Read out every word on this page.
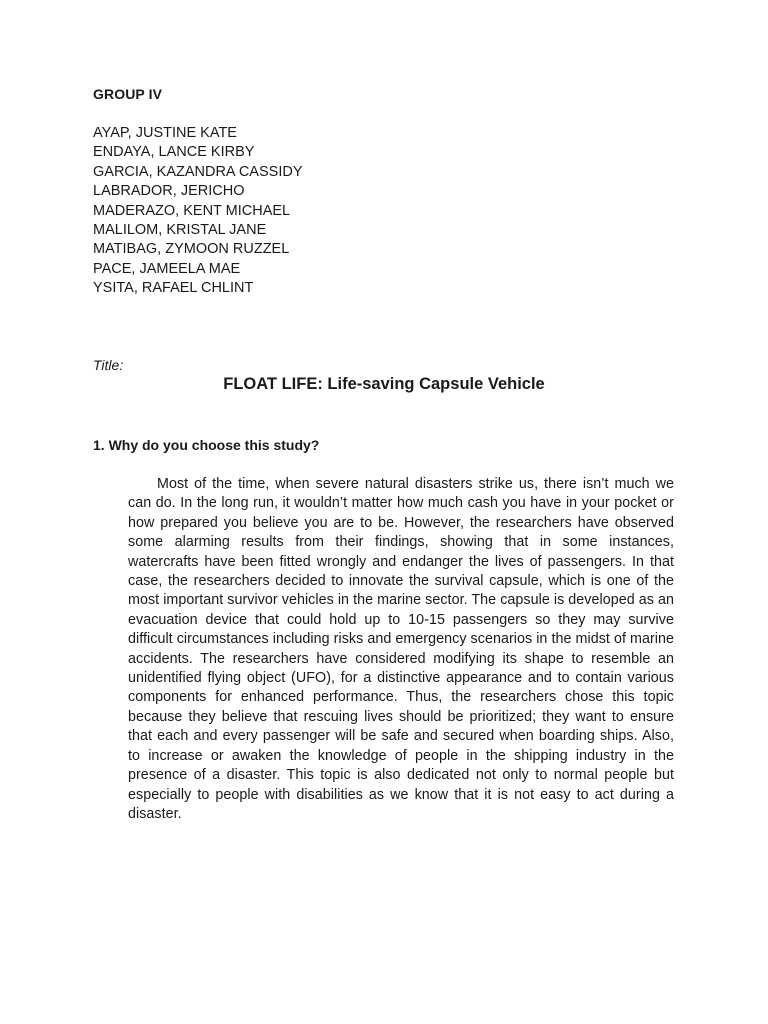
GROUP IV
AYAP, JUSTINE KATE
ENDAYA, LANCE KIRBY
GARCIA, KAZANDRA CASSIDY
LABRADOR, JERICHO
MADERAZO, KENT MICHAEL
MALILOM, KRISTAL JANE
MATIBAG, ZYMOON RUZZEL
PACE, JAMEELA MAE
YSITA, RAFAEL CHLINT

Title:

FLOAT LIFE: Life-saving Capsule Vehicle
1. Why do you choose this study?

Most of the time, when severe natural disasters strike us, there isn’t much we can do. In the long run, it wouldn’t matter how much cash you have in your pocket or how prepared you believe you are to be. However, the researchers have observed some alarming results from their findings, showing that in some instances, watercrafts have been fitted wrongly and endanger the lives of passengers. In that case, the researchers decided to innovate the survival capsule, which is one of the most important survivor vehicles in the marine sector. The capsule is developed as an evacuation device that could hold up to 10-15 passengers so they may survive difficult circumstances including risks and emergency scenarios in the midst of marine accidents. The researchers have considered modifying its shape to resemble an unidentified flying object (UFO), for a distinctive appearance and to contain various components for enhanced performance. Thus, the researchers chose this topic because they believe that rescuing lives should be prioritized; they want to ensure that each and every passenger will be safe and secured when boarding ships. Also, to increase or awaken the knowledge of people in the shipping industry in the presence of a disaster. This topic is also dedicated not only to normal people but especially to people with disabilities as we know that it is not easy to act during a disaster.
